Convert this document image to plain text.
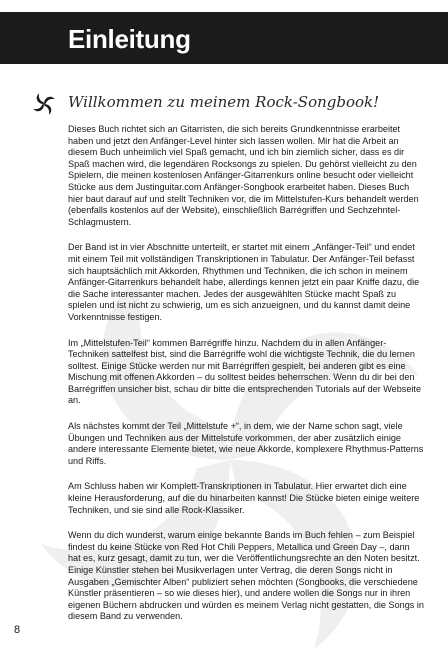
Einleitung
Willkommen zu meinem Rock-Songbook!

Dieses Buch richtet sich an Gitarristen, die sich bereits Grundkenntnisse erarbeitet haben und jetzt den Anfänger-Level hinter sich lassen wollen. Mir hat die Arbeit an diesem Buch unheimlich viel Spaß gemacht, und ich bin ziemlich sicher, dass es dir Spaß machen wird, die legendären Rocksongs zu spielen. Du gehörst vielleicht zu den Spielern, die meinen kostenlosen Anfänger-Gitarrenkurs online besucht oder vielleicht Stücke aus dem Justinguitar.com Anfänger-Songbook erarbeitet haben. Dieses Buch hier baut darauf auf und stellt Techniken vor, die im Mittelstufen-Kurs behandelt werden (ebenfalls kostenlos auf der Website), einschließlich Barrégriffen und Sechzehntel-Schlagmustern.

Der Band ist in vier Abschnitte unterteilt, er startet mit einem „Anfänger-Teil“ und endet mit einem Teil mit vollständigen Transkriptionen in Tabulatur. Der Anfänger-Teil befasst sich hauptsächlich mit Akkorden, Rhythmen und Techniken, die ich schon in meinem Anfänger-Gitarrenkurs behandelt habe, allerdings kennen jetzt ein paar Kniffe dazu, die die Sache interessanter machen. Jedes der ausgewählten Stücke macht Spaß zu spielen und ist nicht zu schwierig, um es sich anzueignen, und du kannst damit deine Vorkenntnisse festigen.

Im „Mittelstufen-Teil“ kommen Barrégriffe hinzu. Nachdem du in allen Anfänger-Techniken sattelfest bist, sind die Barrégriffe wohl die wichtigste Technik, die du lernen solltest. Einige Stücke werden nur mit Barrégriffen gespielt, bei anderen gibt es eine Mischung mit offenen Akkorden – du solltest beides beherrschen. Wenn du dir bei den Barrégriffen unsicher bist, schau dir bitte die entsprechenden Tutorials auf der Webseite an.

Als nächstes kommt der Teil „Mittelstufe +“, in dem, wie der Name schon sagt, viele Übungen und Techniken aus der Mittelstufe vorkommen, der aber zusätzlich einige andere interessante Elemente bietet, wie neue Akkorde, komplexere Rhythmus-Patterns und Riffs.

Am Schluss haben wir Komplett-Transkriptionen in Tabulatur. Hier erwartet dich eine kleine Herausforderung, auf die du hinarbeiten kannst! Die Stücke bieten einige weitere Techniken, und sie sind alle Rock-Klassiker.

Wenn du dich wunderst, warum einige bekannte Bands im Buch fehlen – zum Beispiel findest du keine Stücke von Red Hot Chili Peppers, Metallica und Green Day –, dann hat es, kurz gesagt, damit zu tun, wer die Veröffentlichungsrechte an den Noten besitzt. Einige Künstler stehen bei Musikverlagen unter Vertrag, die deren Songs nicht in Ausgaben „Gemischter Alben“ publiziert sehen möchten (Songbooks, die verschiedene Künstler präsentieren – so wie dieses hier), und andere wollen die Songs nur in ihren eigenen Büchern abdrucken und würden es meinem Verlag nicht gestatten, die Songs in diesem Band zu verwenden.

8
